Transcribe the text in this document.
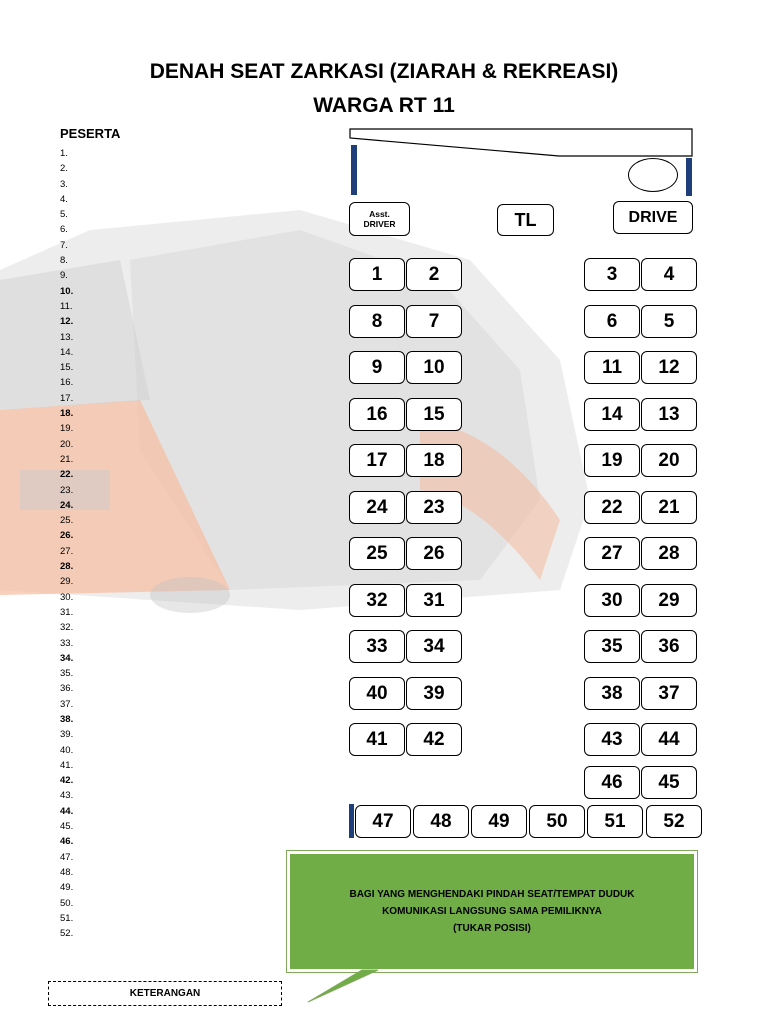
DENAH SEAT ZARKASI (ZIARAH & REKREASI)
WARGA RT 11
PESERTA
1.
2.
3.
4.
5.
6.
7.
8.
9.
10.
11.
12.
13.
14.
15.
16.
17.
18.
19.
20.
21.
22.
23.
24.
25.
26.
27.
28.
29.
30.
31.
32.
33.
34.
35.
36.
37.
38.
39.
40.
41.
42.
43.
44.
45.
46.
47.
48.
49.
50.
51.
52.
Asst.
DRIVER	TL	DRIVE
1	2	3	4
8	7	6	5
9	10	11	12
16	15	14	13
17	18	19	20
24	23	22	21
25	26	27	28
32	31	30	29
33	34	35	36
40	39	38	37
41	42	43	44
46	45
47	48	49	50	51	52
BAGI YANG MENGHENDAKI PINDAH SEAT/TEMPAT DUDUK
KOMUNIKASI LANGSUNG SAMA PEMILIKNYA
(TUKAR POSISI)
KETERANGAN
